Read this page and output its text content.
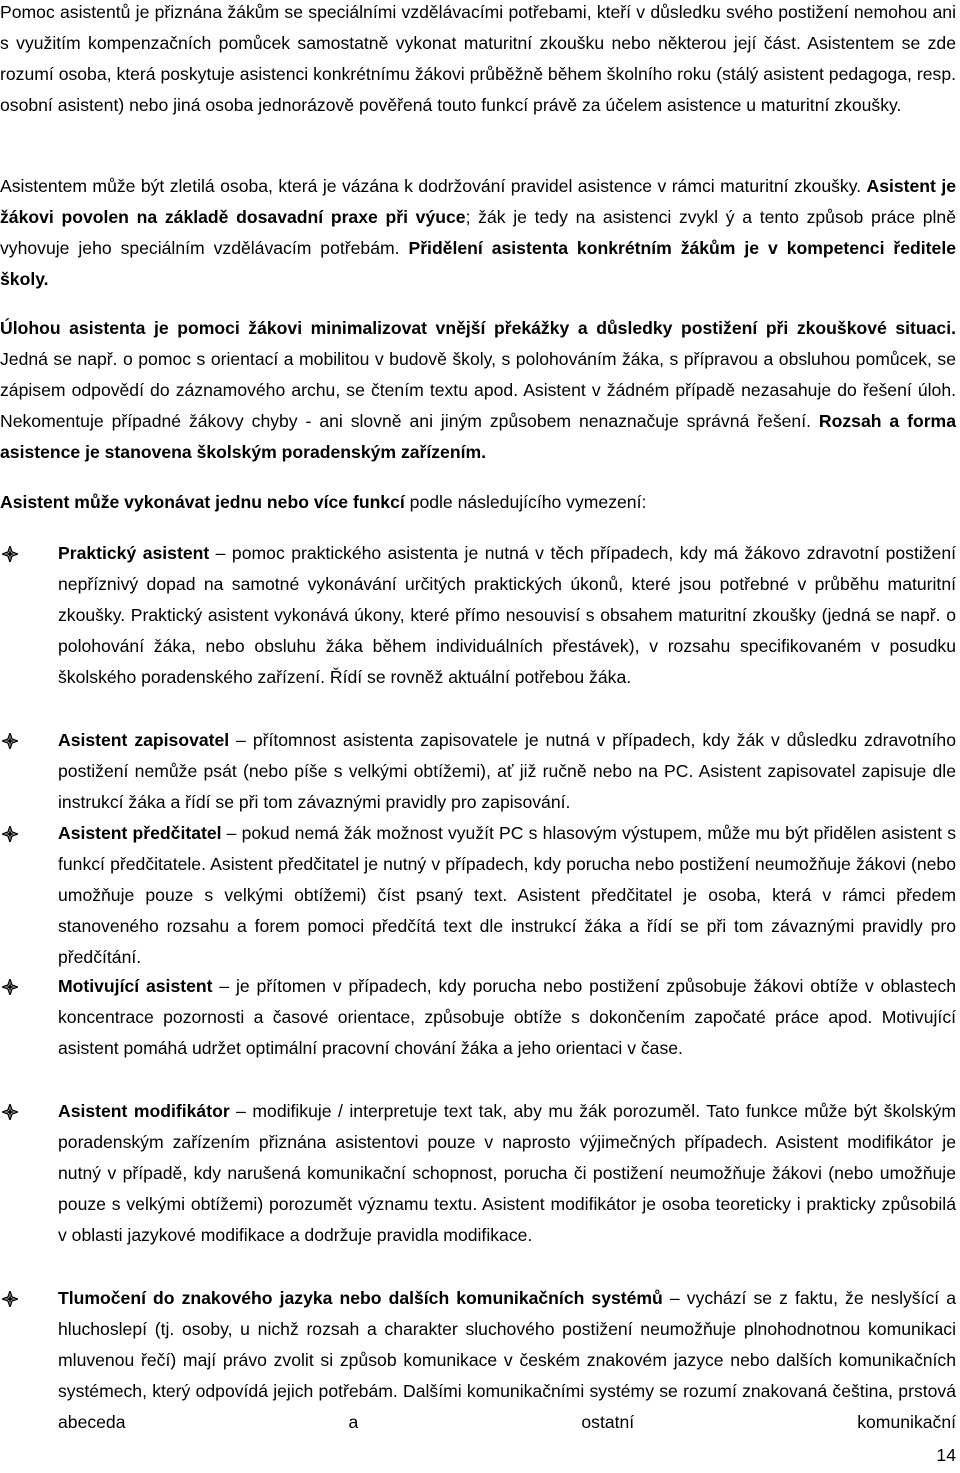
Pomoc asistentů je přiznána žákům se speciálními vzdělávacími potřebami, kteří v důsledku svého postižení nemohou ani s využitím kompenzačních pomůcek samostatně vykonat maturitní zkoušku nebo některou její část. Asistentem se zde rozumí osoba, která poskytuje asistenci konkrétnímu žákovi průběžně během školního roku (stálý asistent pedagoga, resp. osobní asistent) nebo jiná osoba jednorázově pověřená touto funkcí právě za účelem asistence u maturitní zkoušky.

Asistentem může být zletilá osoba, která je vázána k dodržování pravidel asistence v rámci maturitní zkoušky. Asistent je žákovi povolen na základě dosavadní praxe při výuce; žák je tedy na asistenci zvykl ý a tento způsob práce plně vyhovuje jeho speciálním vzdělávacím potřebám. Přidělení asistenta konkrétním žákům je v kompetenci ředitele školy.

Úlohou asistenta je pomoci žákovi minimalizovat vnější překážky a důsledky postižení při zkouškové situaci. Jedná se např. o pomoc s orientací a mobilitou v budově školy, s polohováním žáka, s přípravou a obsluhou pomůcek, se zápisem odpovědí do záznamového archu, se čtením textu apod. Asistent v žádném případě nezasahuje do řešení úloh. Nekomentuje případné žákovy chyby - ani slovně ani jiným způsobem nenaznačuje správná řešení. Rozsah a forma asistence je stanovena školským poradenským zařízením.

Asistent může vykonávat jednu nebo více funkcí podle následujícího vymezení:

Praktický asistent – pomoc praktického asistenta je nutná v těch případech, kdy má žákovo zdravotní postižení nepříznivý dopad na samotné vykonávání určitých praktických úkonů, které jsou potřebné v průběhu maturitní zkoušky. Praktický asistent vykonává úkony, které přímo nesouvisí s obsahem maturitní zkoušky (jedná se např. o polohování žáka, nebo obsluhu žáka během individuálních přestávek), v rozsahu specifikovaném v posudku školského poradenského zařízení. Řídí se rovněž aktuální potřebou žáka.

Asistent zapisovatel – přítomnost asistenta zapisovatele je nutná v případech, kdy žák v důsledku zdravotního postižení nemůže psát (nebo píše s velkými obtížemi), ať již ručně nebo na PC. Asistent zapisovatel zapisuje dle instrukcí žáka a řídí se při tom závaznými pravidly pro zapisování.

Asistent předčitatel – pokud nemá žák možnost využít PC s hlasovým výstupem, může mu být přidělen asistent s funkcí předčitatele. Asistent předčitatel je nutný v případech, kdy porucha nebo postižení neumožňuje žákovi (nebo umožňuje pouze s velkými obtížemi) číst psaný text. Asistent předčitatel je osoba, která v rámci předem stanoveného rozsahu a forem pomoci předčítá text dle instrukcí žáka a řídí se při tom závaznými pravidly pro předčítání.

Motivující asistent – je přítomen v případech, kdy porucha nebo postižení způsobuje žákovi obtíže v oblastech koncentrace pozornosti a časové orientace, způsobuje obtíže s dokončením započaté práce apod. Motivující asistent pomáhá udržet optimální pracovní chování žáka a jeho orientaci v čase.

Asistent modifikátor – modifikuje / interpretuje text tak, aby mu žák porozuměl. Tato funkce může být školským poradenským zařízením přiznána asistentovi pouze v naprosto výjimečných případech. Asistent modifikátor je nutný v případě, kdy narušená komunikační schopnost, porucha či postižení neumožňuje žákovi (nebo umožňuje pouze s velkými obtížemi) porozumět významu textu. Asistent modifikátor je osoba teoreticky i prakticky způsobilá v oblasti jazykové modifikace a dodržuje pravidla modifikace.

Tlumočení do znakového jazyka nebo dalších komunikačních systémů – vychází se z faktu, že neslyšící a hluchoslepí (tj. osoby, u nichž rozsah a charakter sluchového postižení neumožňuje plnohodnotnou komunikaci mluvenou řečí) mají právo zvolit si způsob komunikace v českém znakovém jazyce nebo dalších komunikačních systémech, který odpovídá jejich potřebám. Dalšími komunikačními systémy se rozumí znakovaná čeština, prstová abeceda a ostatní komunikační

14
